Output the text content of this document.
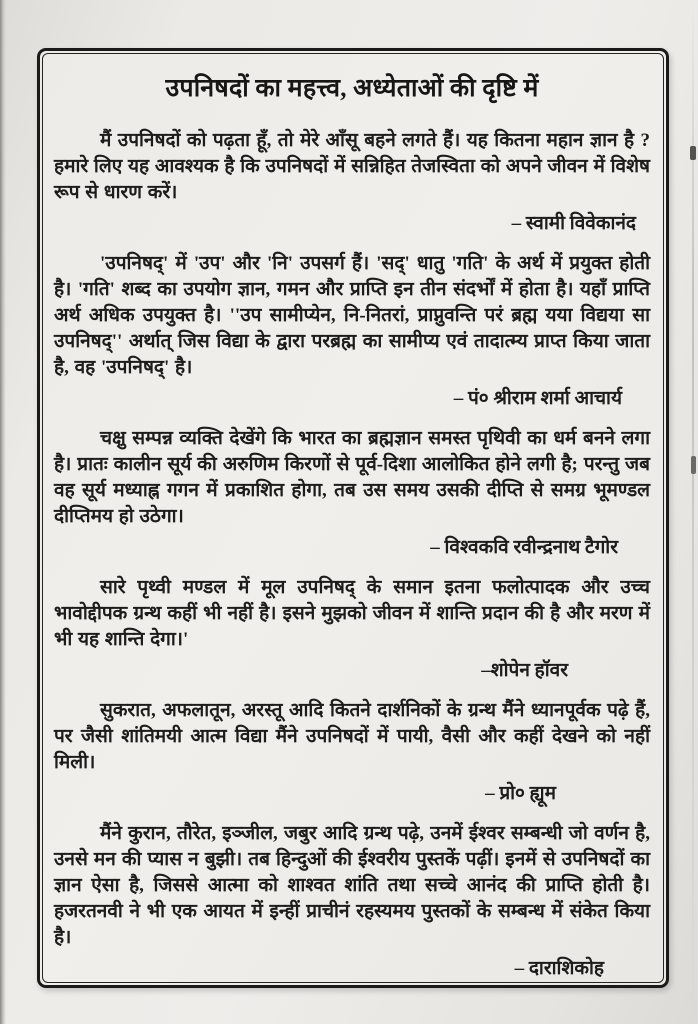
उपनिषदों का महत्त्व, अध्येताओं की दृष्टि में

मैं उपनिषदों को पढ़ता हूँ, तो मेरे आँसू बहने लगते हैं। यह कितना महान ज्ञान है ? हमारे लिए यह आवश्यक है कि उपनिषदों में सन्निहित तेजस्विता को अपने जीवन में विशेष रूप से धारण करें।

– स्वामी विवेकानंद

'उपनिषद्' में 'उप' और 'नि' उपसर्ग हैं। 'सद्' धातु 'गति' के अर्थ में प्रयुक्त होती है। 'गति' शब्द का उपयोग ज्ञान, गमन और प्राप्ति इन तीन संदर्भों में होता है। यहाँ प्राप्ति अर्थ अधिक उपयुक्त है। ''उप सामीप्येन, नि-नितरां, प्राप्नुवन्ति परं ब्रह्म यया विद्यया सा उपनिषद्'' अर्थात् जिस विद्या के द्वारा परब्रह्म का सामीप्य एवं तादात्म्य प्राप्त किया जाता है, वह 'उपनिषद्' है।

– पं० श्रीराम शर्मा आचार्य

चक्षु सम्पन्न व्यक्ति देखेंगे कि भारत का ब्रह्मज्ञान समस्त पृथिवी का धर्म बनने लगा है। प्रातः कालीन सूर्य की अरुणिम किरणों से पूर्व-दिशा आलोकित होने लगी है; परन्तु जब वह सूर्य मध्याह्न गगन में प्रकाशित होगा, तब उस समय उसकी दीप्ति से समग्र भूमण्डल दीप्तिमय हो उठेगा।

– विश्वकवि रवीन्द्रनाथ टैगोर

सारे पृथ्वी मण्डल में मूल उपनिषद् के समान इतना फलोत्पादक और उच्च भावोद्दीपक ग्रन्थ कहीं भी नहीं है। इसने मुझको जीवन में शान्ति प्रदान की है और मरण में भी यह शान्ति देगा।'

–शोपेन हॉवर

सुकरात, अफलातून, अरस्तू आदि कितने दार्शनिकों के ग्रन्थ मैंने ध्यानपूर्वक पढ़े हैं, पर जैसी शांतिमयी आत्म विद्या मैंने उपनिषदों में पायी, वैसी और कहीं देखने को नहीं मिली।

– प्रो० ह्यूम

मैंने कुरान, तौरेत, इञ्जील, जबुर आदि ग्रन्थ पढ़े, उनमें ईश्वर सम्बन्धी जो वर्णन है, उनसे मन की प्यास न बुझी। तब हिन्दुओं की ईश्वरीय पुस्तकें पढ़ीं। इनमें से उपनिषदों का ज्ञान ऐसा है, जिससे आत्मा को शाश्वत शांति तथा सच्चे आनंद की प्राप्ति होती है। हजरतनवी ने भी एक आयत में इन्हीं प्राचीनं रहस्यमय पुस्तकों के सम्बन्ध में संकेत किया है।

– दाराशिकोह
